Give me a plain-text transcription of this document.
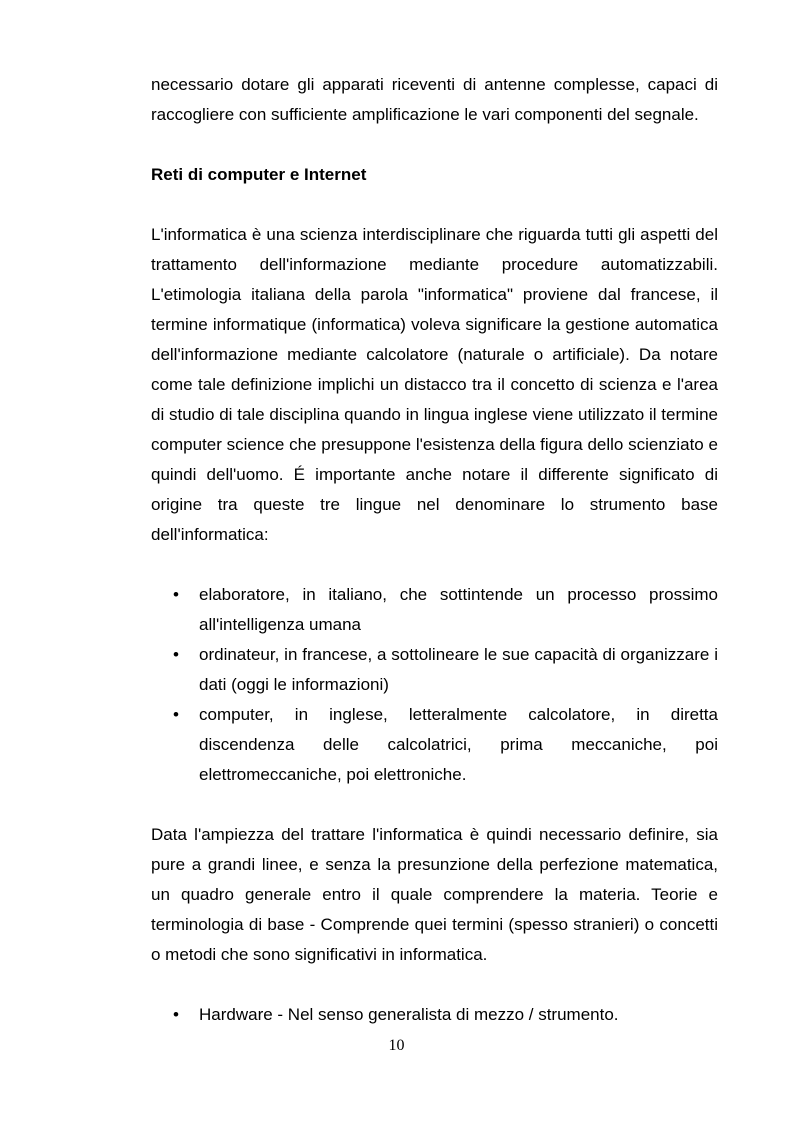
necessario dotare gli apparati riceventi di antenne complesse, capaci di raccogliere con sufficiente amplificazione le vari componenti del segnale.

Reti di computer e Internet

L'informatica è una scienza interdisciplinare che riguarda tutti gli aspetti del trattamento dell'informazione mediante procedure automatizzabili. L'etimologia italiana della parola "informatica" proviene dal francese, il termine informatique (informatica) voleva significare la gestione automatica dell'informazione mediante calcolatore (naturale o artificiale). Da notare come tale definizione implichi un distacco tra il concetto di scienza e l'area di studio di tale disciplina quando in lingua inglese viene utilizzato il termine computer science che presuppone l'esistenza della figura dello scienziato e quindi dell'uomo. É importante anche notare il differente significato di origine tra queste tre lingue nel denominare lo strumento base dell'informatica:

• elaboratore, in italiano, che sottintende un processo prossimo all'intelligenza umana
• ordinateur, in francese, a sottolineare le sue capacità di organizzare i dati (oggi le informazioni)
• computer, in inglese, letteralmente calcolatore, in diretta discendenza delle calcolatrici, prima meccaniche, poi elettromeccaniche, poi elettroniche.

Data l'ampiezza del trattare l'informatica è quindi necessario definire, sia pure a grandi linee, e senza la presunzione della perfezione matematica, un quadro generale entro il quale comprendere la materia. Teorie e terminologia di base - Comprende quei termini (spesso stranieri) o concetti o metodi che sono significativi in informatica.

• Hardware - Nel senso generalista di mezzo / strumento.
10
